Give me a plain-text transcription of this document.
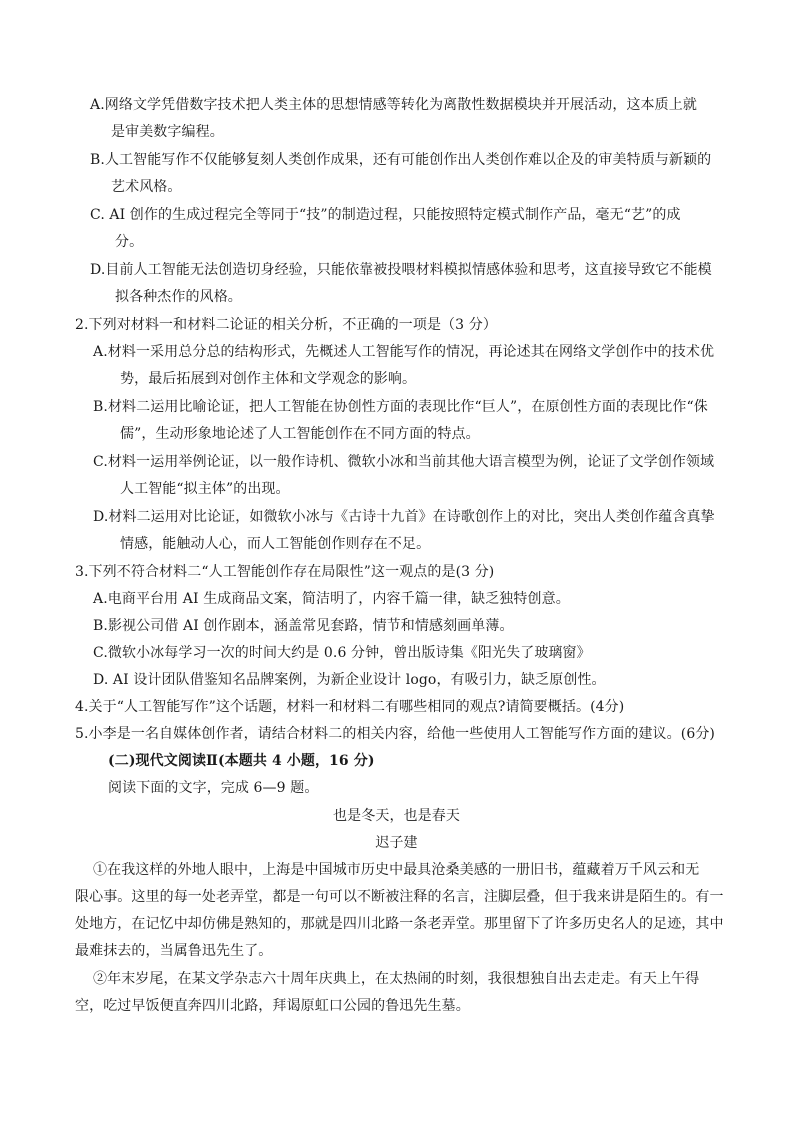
A.网络文学凭借数字技术把人类主体的思想情感等转化为离散性数据模块并开展活动，这本质上就
是审美数字编程。
B.人工智能写作不仅能够复刻人类创作成果，还有可能创作出人类创作难以企及的审美特质与新颖的
艺术风格。
C. AI 创作的生成过程完全等同于“技”的制造过程，只能按照特定模式制作产品，毫无“艺”的成
分。
D.目前人工智能无法创造切身经验，只能依靠被投喂材料模拟情感体验和思考，这直接导致它不能模
拟各种杰作的风格。
2.下列对材料一和材料二论证的相关分析，不正确的一项是（3 分）
A.材料一采用总分总的结构形式，先概述人工智能写作的情况，再论述其在网络文学创作中的技术优
势，最后拓展到对创作主体和文学观念的影响。
B.材料二运用比喻论证，把人工智能在协创性方面的表现比作“巨人”，在原创性方面的表现比作“侏
儒”，生动形象地论述了人工智能创作在不同方面的特点。
C.材料一运用举例论证，以一般作诗机、微软小冰和当前其他大语言模型为例，论证了文学创作领域
人工智能“拟主体”的出现。
D.材料二运用对比论证，如微软小冰与《古诗十九首》在诗歌创作上的对比，突出人类创作蕴含真挚
情感，能触动人心，而人工智能创作则存在不足。
3.下列不符合材料二“人工智能创作存在局限性”这一观点的是(3 分)
A.电商平台用 AI 生成商品文案，简洁明了，内容千篇一律，缺乏独特创意。
B.影视公司借 AI 创作剧本，涵盖常见套路，情节和情感刻画单薄。
C.微软小冰每学习一次的时间大约是 0.6 分钟，曾出版诗集《阳光失了玻璃窗》
D. AI 设计团队借鉴知名品牌案例，为新企业设计 logo，有吸引力，缺乏原创性。
4.关于“人工智能写作”这个话题，材料一和材料二有哪些相同的观点?请简要概括。(4分)
5.小李是一名自媒体创作者，请结合材料二的相关内容，给他一些使用人工智能写作方面的建议。(6分)
(二)现代文阅读Ⅱ(本题共 4 小题，16 分)
阅读下面的文字，完成 6—9 题。
也是冬天，也是春天
迟子建
①在我这样的外地人眼中，上海是中国城市历史中最具沧桑美感的一册旧书，蕴藏着万千风云和无
限心事。这里的每一处老弄堂，都是一句可以不断被注释的名言，注脚层叠，但于我来讲是陌生的。有一
处地方，在记忆中却仿佛是熟知的，那就是四川北路一条老弄堂。那里留下了许多历史名人的足迹，其中
最难抹去的，当属鲁迅先生了。
②年末岁尾，在某文学杂志六十周年庆典上，在太热闹的时刻，我很想独自出去走走。有天上午得
空，吃过早饭便直奔四川北路，拜谒原虹口公园的鲁迅先生墓。
